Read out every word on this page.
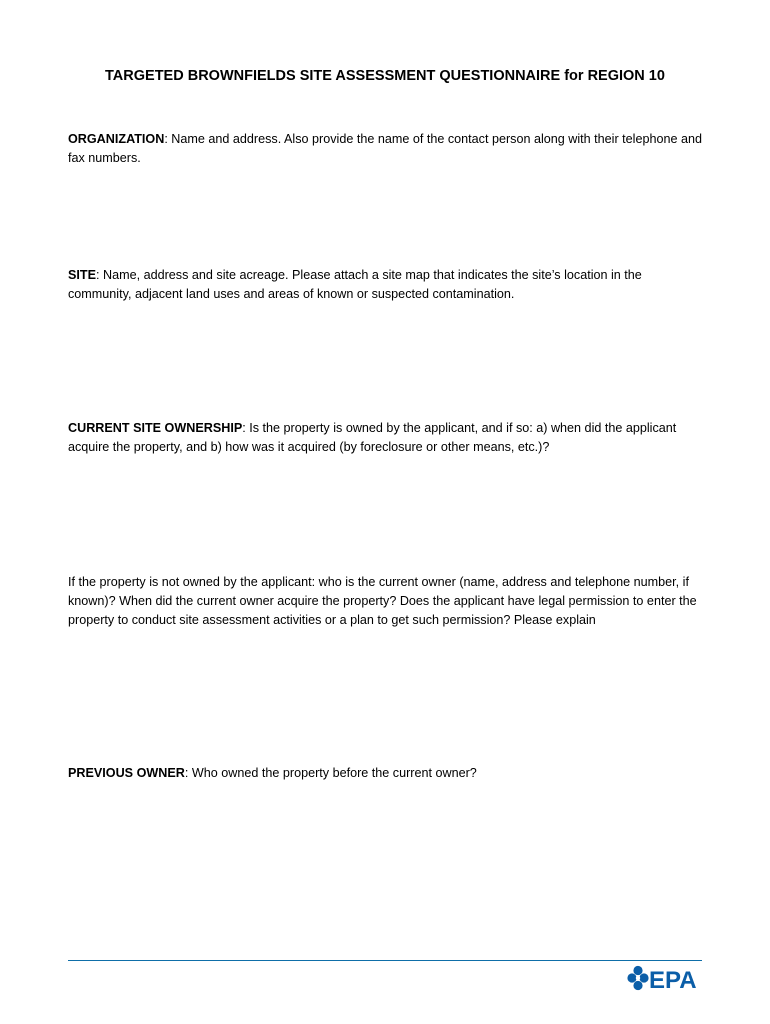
TARGETED BROWNFIELDS SITE ASSESSMENT QUESTIONNAIRE for REGION 10
ORGANIZATION: Name and address. Also provide the name of the contact person along with their telephone and fax numbers.
SITE: Name, address and site acreage. Please attach a site map that indicates the site’s location in the community, adjacent land uses and areas of known or suspected contamination.
CURRENT SITE OWNERSHIP: Is the property is owned by the applicant, and if so: a) when did the applicant acquire the property, and b) how was it acquired (by foreclosure or other means, etc.)?
If the property is not owned by the applicant: who is the current owner (name, address and telephone number, if known)? When did the current owner acquire the property? Does the applicant have legal permission to enter the property to conduct site assessment activities or a plan to get such permission? Please explain
PREVIOUS OWNER: Who owned the property before the current owner?
EPA
